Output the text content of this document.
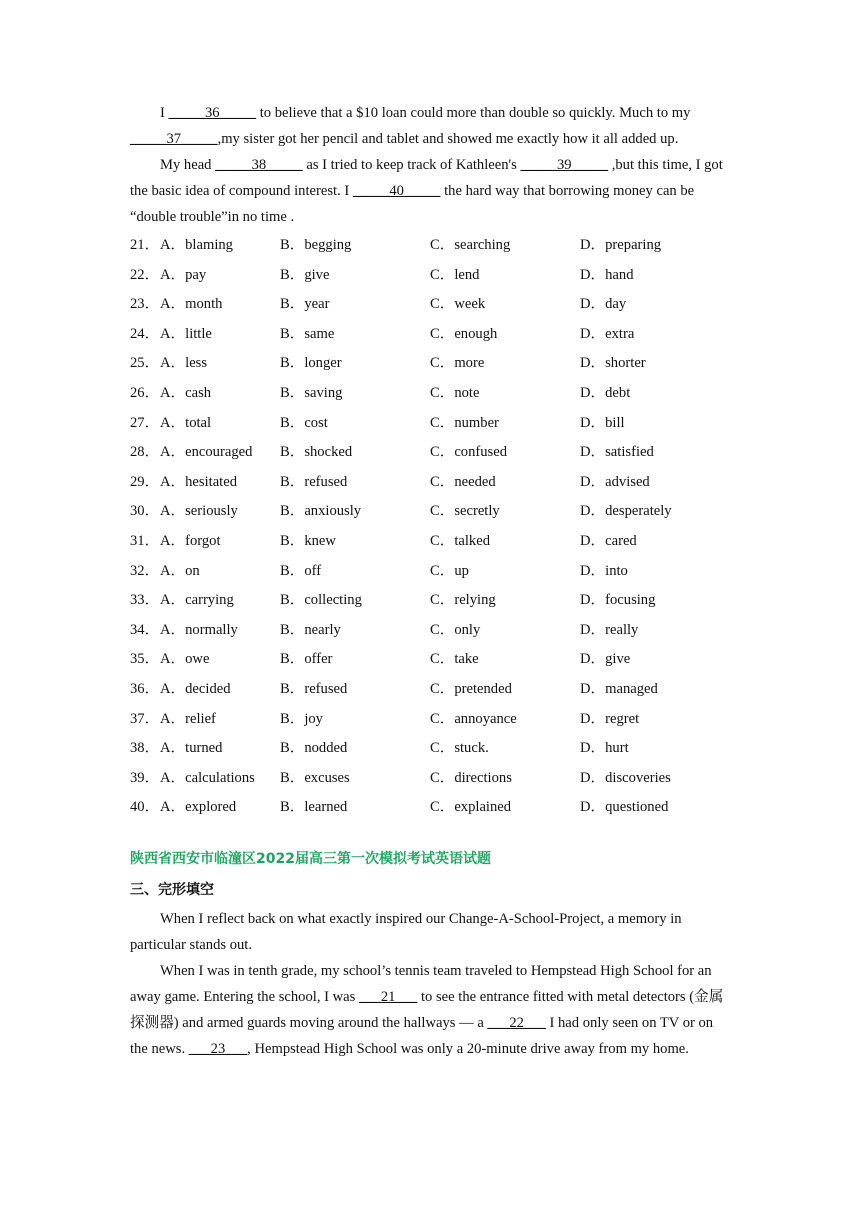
I _____36_____ to believe that a $10 loan could more than double so quickly. Much to my _____37_____,my sister got her pencil and tablet and showed me exactly how it all added up.

My head _____38_____ as I tried to keep track of Kathleen's _____39_____ ,but this time, I got the basic idea of compound interest. I _____40_____ the hard way that borrowing money can be “double trouble”in no time .

21． A．blaming	B．begging	C．searching	D．preparing
22． A．pay	B．give	C．lend	D．hand
23． A．month	B．year	C．week	D．day
24． A．little	B．same	C．enough	D．extra
25． A．less	B．longer	C．more	D．shorter
26． A．cash	B．saving	C．note	D．debt
27． A．total	B．cost	C．number	D．bill
28． A．encouraged B．shocked	C．confused	D．satisfied
29． A．hesitated	B．refused	C．needed	D．advised
30． A．seriously	B．anxiously	C．secretly	D．desperately
31． A．forgot	B．knew	C．talked	D．cared
32． A．on	B．off	C．up	D．into
33． A．carrying	B．collecting	C．relying	D．focusing
34． A．normally	B．nearly	C．only	D．really
35． A．owe	B．offer	C．take	D．give
36． A．decided	B．refused	C．pretended	D．managed
37． A．relief	B．joy	C．annoyance	D．regret
38． A．turned	B．nodded	C．stuck.	D．hurt
39． A．calculations B．excuses	C．directions	D．discoveries
40． A．explored	B．learned	C．explained	D．questioned

陕西省西安市临潼区2022届高三第一次模拟考试英语试题

三、完形填空

When I reflect back on what exactly inspired our Change-A-School-Project, a memory in particular stands out.

When I was in tenth grade, my school’s tennis team traveled to Hempstead High School for an away game. Entering the school, I was ___21___ to see the entrance fitted with metal detectors (金属探测器) and armed guards moving around the hallways — a ___22___ I had only seen on TV or on the news. ___23___, Hempstead High School was only a 20-minute drive away from my home.
